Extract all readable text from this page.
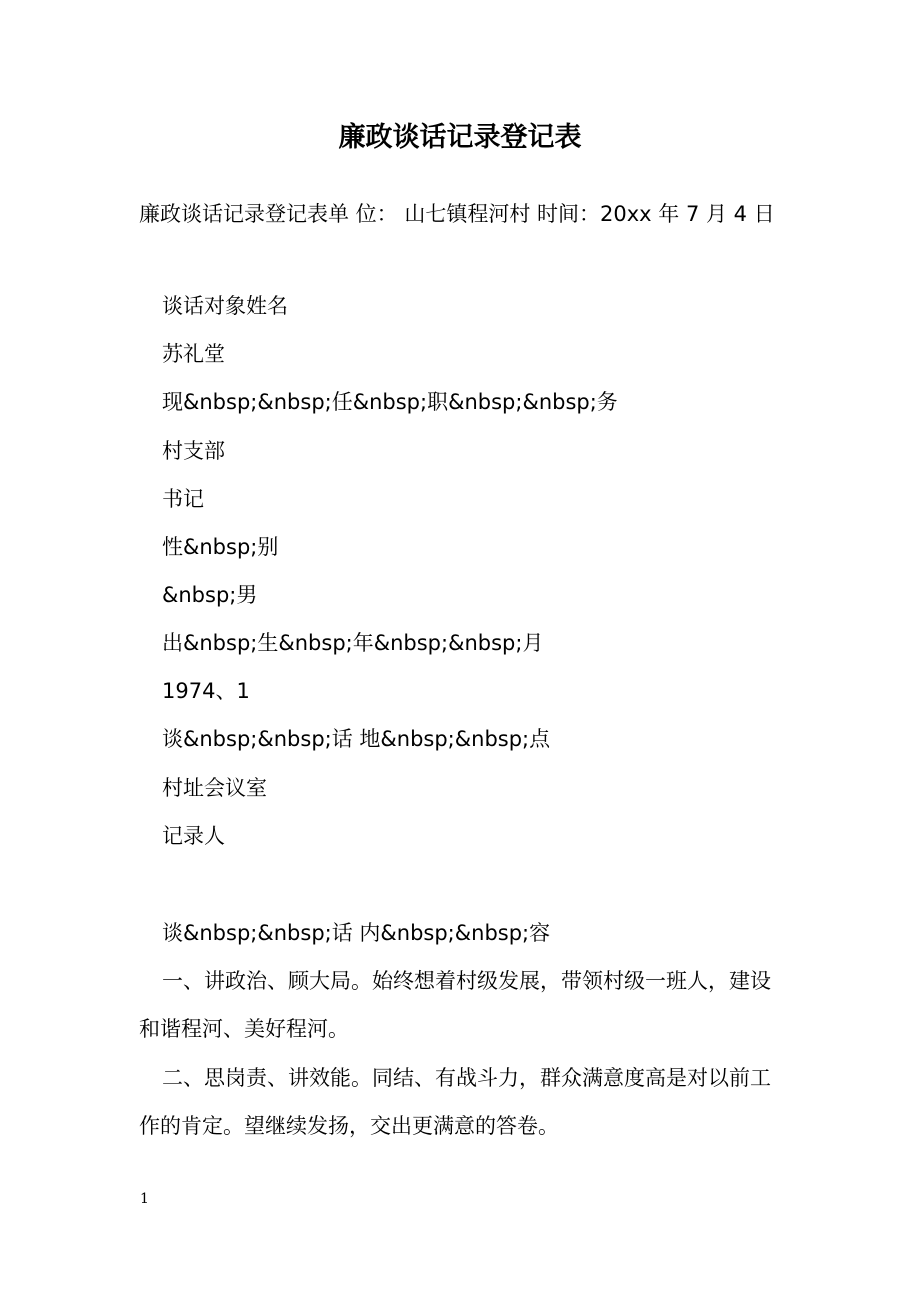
廉政谈话记录登记表
廉政谈话记录登记表单 位： 山七镇程河村 时间：20xx 年 7 月 4 日
谈话对象姓名
苏礼堂
现&nbsp;&nbsp;任&nbsp;职&nbsp;&nbsp;务
村支部
书记
性&nbsp;别
&nbsp;男
出&nbsp;生&nbsp;年&nbsp;&nbsp;月
1974、1
谈&nbsp;&nbsp;话 地&nbsp;&nbsp;点
村址会议室
记录人
谈&nbsp;&nbsp;话 内&nbsp;&nbsp;容
一、讲政治、顾大局。始终想着村级发展，带领村级一班人，建设和谐程河、美好程河。
二、思岗责、讲效能。同结、有战斗力，群众满意度高是对以前工作的肯定。望继续发扬，交出更满意的答卷。
1
